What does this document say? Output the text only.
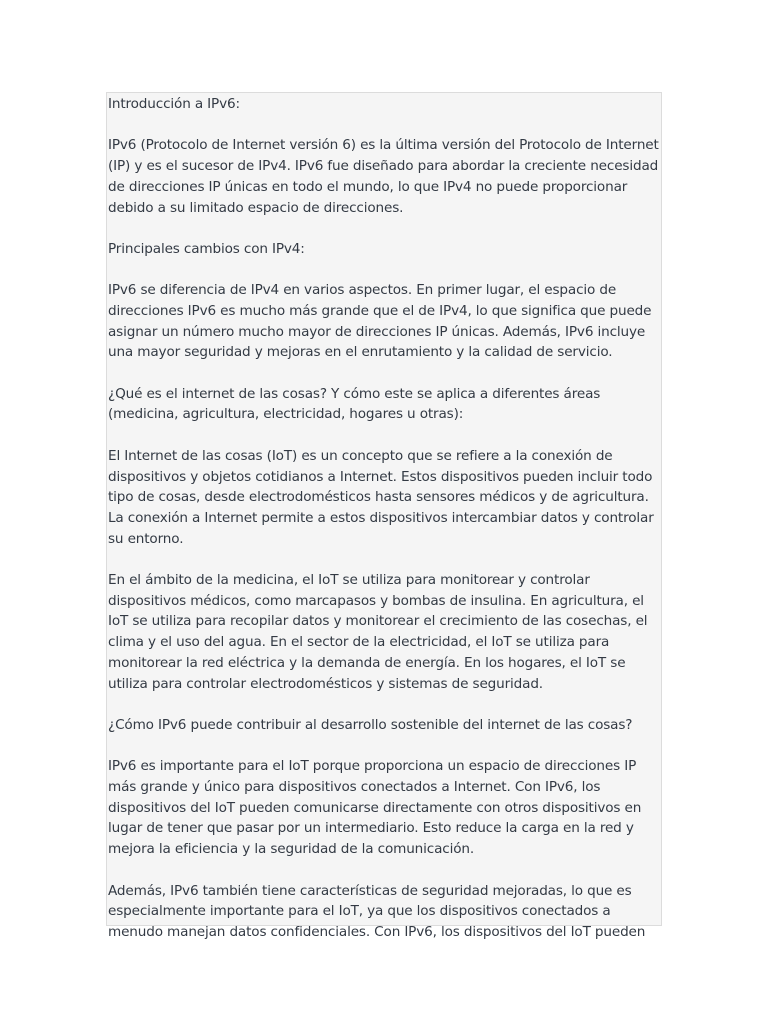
Introducción a IPv6:

IPv6 (Protocolo de Internet versión 6) es la última versión del Protocolo de Internet (IP) y es el sucesor de IPv4. IPv6 fue diseñado para abordar la creciente necesidad de direcciones IP únicas en todo el mundo, lo que IPv4 no puede proporcionar debido a su limitado espacio de direcciones.

Principales cambios con IPv4:

IPv6 se diferencia de IPv4 en varios aspectos. En primer lugar, el espacio de direcciones IPv6 es mucho más grande que el de IPv4, lo que significa que puede asignar un número mucho mayor de direcciones IP únicas. Además, IPv6 incluye una mayor seguridad y mejoras en el enrutamiento y la calidad de servicio.

¿Qué es el internet de las cosas? Y cómo este se aplica a diferentes áreas (medicina, agricultura, electricidad, hogares u otras):

El Internet de las cosas (IoT) es un concepto que se refiere a la conexión de dispositivos y objetos cotidianos a Internet. Estos dispositivos pueden incluir todo tipo de cosas, desde electrodomésticos hasta sensores médicos y de agricultura. La conexión a Internet permite a estos dispositivos intercambiar datos y controlar su entorno.

En el ámbito de la medicina, el IoT se utiliza para monitorear y controlar dispositivos médicos, como marcapasos y bombas de insulina. En agricultura, el IoT se utiliza para recopilar datos y monitorear el crecimiento de las cosechas, el clima y el uso del agua. En el sector de la electricidad, el IoT se utiliza para monitorear la red eléctrica y la demanda de energía. En los hogares, el IoT se utiliza para controlar electrodomésticos y sistemas de seguridad.

¿Cómo IPv6 puede contribuir al desarrollo sostenible del internet de las cosas?

IPv6 es importante para el IoT porque proporciona un espacio de direcciones IP más grande y único para dispositivos conectados a Internet. Con IPv6, los dispositivos del IoT pueden comunicarse directamente con otros dispositivos en lugar de tener que pasar por un intermediario. Esto reduce la carga en la red y mejora la eficiencia y la seguridad de la comunicación.

Además, IPv6 también tiene características de seguridad mejoradas, lo que es especialmente importante para el IoT, ya que los dispositivos conectados a menudo manejan datos confidenciales. Con IPv6, los dispositivos del IoT pueden
